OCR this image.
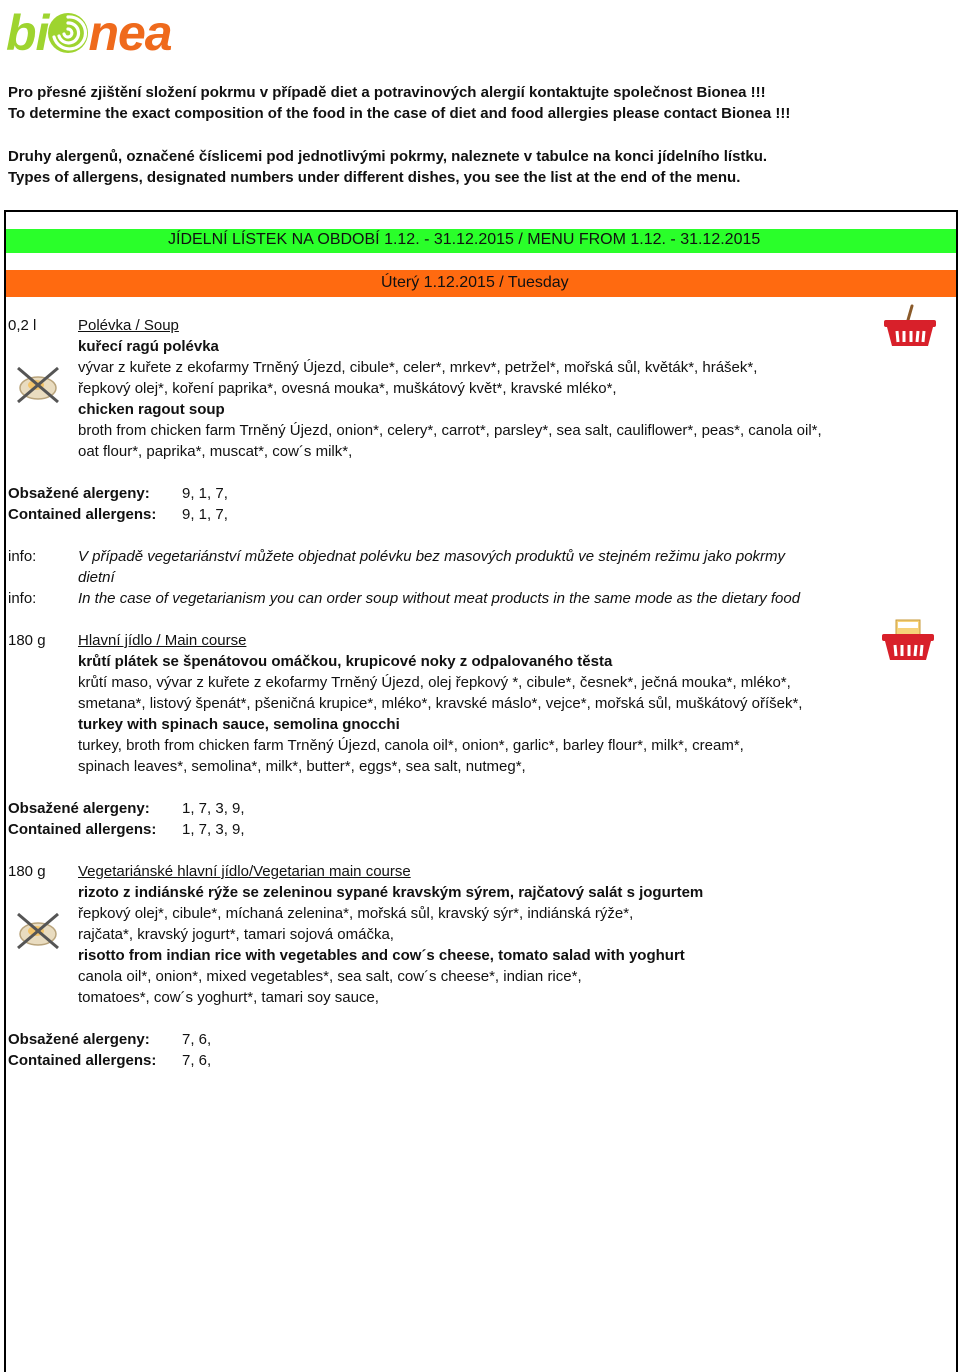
bi nea
Pro přesné zjištění složení pokrmu v případě diet a potravinových alergií kontaktujte společnost Bionea !!!
To determine the exact composition of the food in the case of diet and food allergies please contact Bionea !!!
Druhy alergenů, označené číslicemi pod jednotlivými pokrmy, naleznete v tabulce na konci jídelního lístku.
Types of allergens, designated numbers under different dishes, you see the list at the end of the menu.
JÍDELNÍ LÍSTEK NA OBDOBÍ 1.12. - 31.12.2015 / MENU FROM 1.12. - 31.12.2015
Úterý 1.12.2015 / Tuesday
0,2 l	Polévka / Soup
kuřecí ragú polévka
vývar z kuřete z ekofarmy Trněný Újezd, cibule*, celer*, mrkev*, petržel*, mořská sůl, květák*, hrášek*,
řepkový olej*, koření paprika*, ovesná mouka*, muškátový květ*, kravské mléko*,
chicken ragout soup
broth from chicken farm Trněný Újezd, onion*, celery*, carrot*, parsley*, sea salt, cauliflower*, peas*, canola oil*,
oat flour*, paprika*, muscat*, cow´s milk*,
Obsažené alergeny: 9, 1, 7,
Contained allergens: 9, 1, 7,
info:	V případě vegetariánství můžete objednat polévku bez masových produktů ve stejném režimu jako pokrmy
dietní
info:	In the case of vegetarianism you can order soup without meat products in the same mode as the dietary food
180 g Hlavní jídlo / Main course
krůtí plátek se špenátovou omáčkou, krupicové noky z odpalovaného těsta
krůtí maso, vývar z kuřete z ekofarmy Trněný Újezd, olej řepkový *, cibule*, česnek*, ječná mouka*, mléko*,
smetana*, listový špenát*, pšeničná krupice*, mléko*, kravské máslo*, vejce*, mořská sůl, muškátový oříšek*,
turkey with spinach sauce, semolina gnocchi
turkey, broth from chicken farm Trněný Újezd, canola oil*, onion*, garlic*, barley flour*, milk*, cream*,
spinach leaves*, semolina*, milk*, butter*, eggs*, sea salt, nutmeg*,
Obsažené alergeny: 1, 7, 3, 9,
Contained allergens: 1, 7, 3, 9,
180 g Vegetariánské hlavní jídlo/Vegetarian main course
rizoto z indiánské rýže se zeleninou sypané kravským sýrem, rajčatový salát s jogurtem
řepkový olej*, cibule*, míchaná zelenina*, mořská sůl, kravský sýr*, indiánská rýže*,
rajčata*, kravský jogurt*, tamari sojová omáčka,
risotto from indian rice with vegetables and cow´s cheese, tomato salad with yoghurt
canola oil*, onion*, mixed vegetables*, sea salt, cow´s cheese*, indian rice*,
tomatoes*, cow´s yoghurt*, tamari soy sauce,
Obsažené alergeny: 7, 6,
Contained allergens: 7, 6,
